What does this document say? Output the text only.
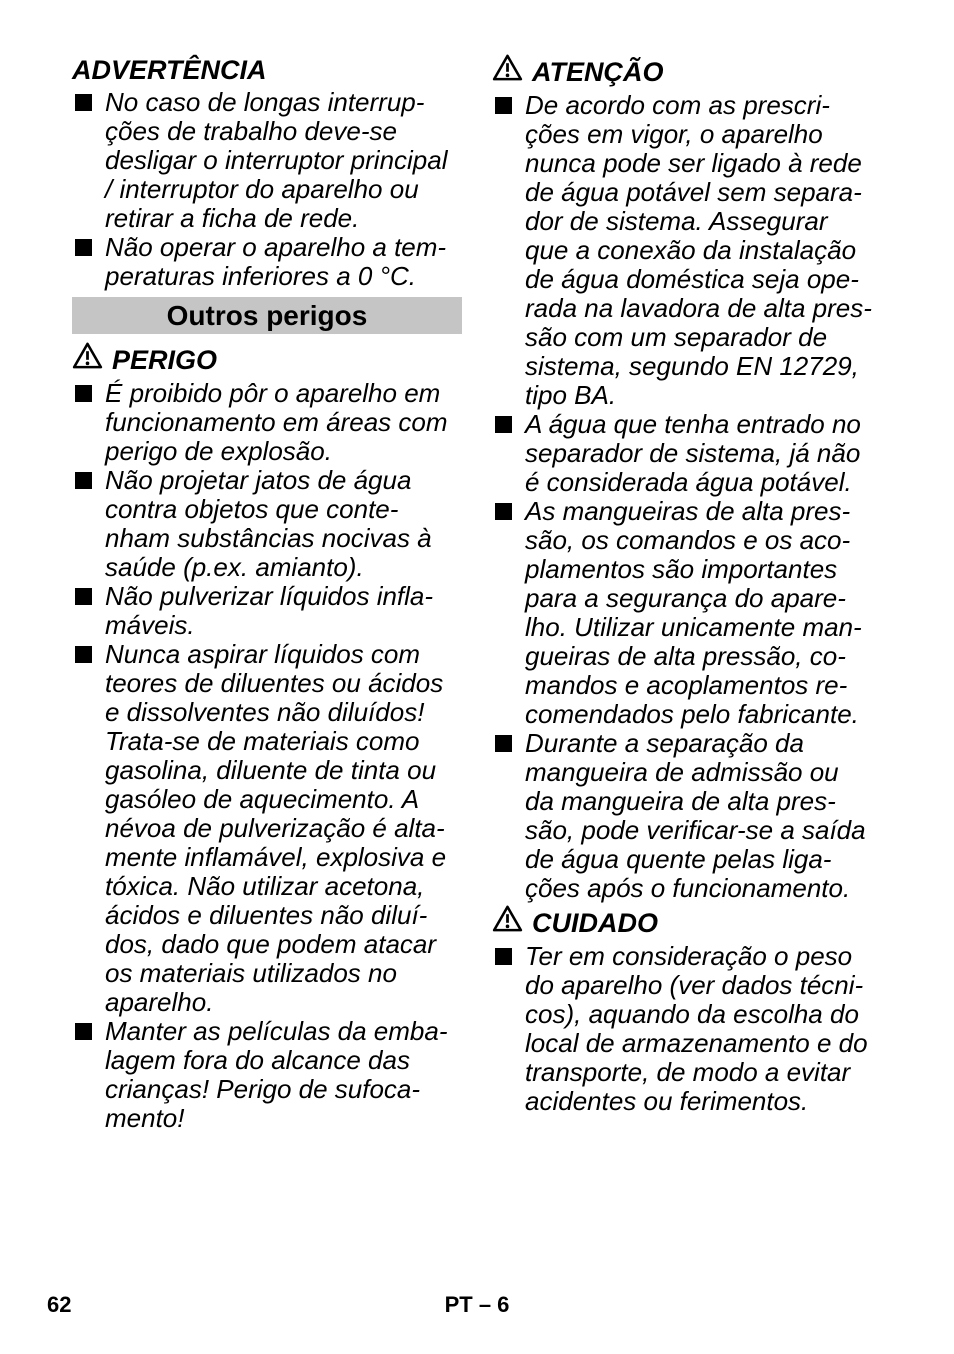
ADVERTÊNCIA
No caso de longas interrup-
ções de trabalho deve-se
desligar o interruptor principal
/ interruptor do aparelho ou
retirar a ficha de rede.
Não operar o aparelho a tem-
peraturas inferiores a 0 °C.
Outros perigos
PERIGO
É proibido pôr o aparelho em
funcionamento em áreas com
perigo de explosão.
Não projetar jatos de água
contra objetos que conte-
nham substâncias nocivas à
saúde (p.ex. amianto).
Não pulverizar líquidos infla-
máveis.
Nunca aspirar líquidos com
teores de diluentes ou ácidos
e dissolventes não diluídos!
Trata-se de materiais como
gasolina, diluente de tinta ou
gasóleo de aquecimento. A
névoa de pulverização é alta-
mente inflamável, explosiva e
tóxica. Não utilizar acetona,
ácidos e diluentes não diluí-
dos, dado que podem atacar
os materiais utilizados no
aparelho.
Manter as películas da emba-
lagem fora do alcance das
crianças! Perigo de sufoca-
mento!
ATENÇÃO
De acordo com as prescri-
ções em vigor, o aparelho
nunca pode ser ligado à rede
de água potável sem separa-
dor de sistema. Assegurar
que a conexão da instalação
de água doméstica seja ope-
rada na lavadora de alta pres-
são com um separador de
sistema, segundo EN 12729,
tipo BA.
A água que tenha entrado no
separador de sistema, já não
é considerada água potável.
As mangueiras de alta pres-
são, os comandos e os aco-
plamentos são importantes
para a segurança do apare-
lho. Utilizar unicamente man-
gueiras de alta pressão, co-
mandos e acoplamentos re-
comendados pelo fabricante.
Durante a separação da
mangueira de admissão ou
da mangueira de alta pres-
são, pode verificar-se a saída
de água quente pelas liga-
ções após o funcionamento.
CUIDADO
Ter em consideração o peso
do aparelho (ver dados técni-
cos), aquando da escolha do
local de armazenamento e do
transporte, de modo a evitar
acidentes ou ferimentos.
62	PT – 6
